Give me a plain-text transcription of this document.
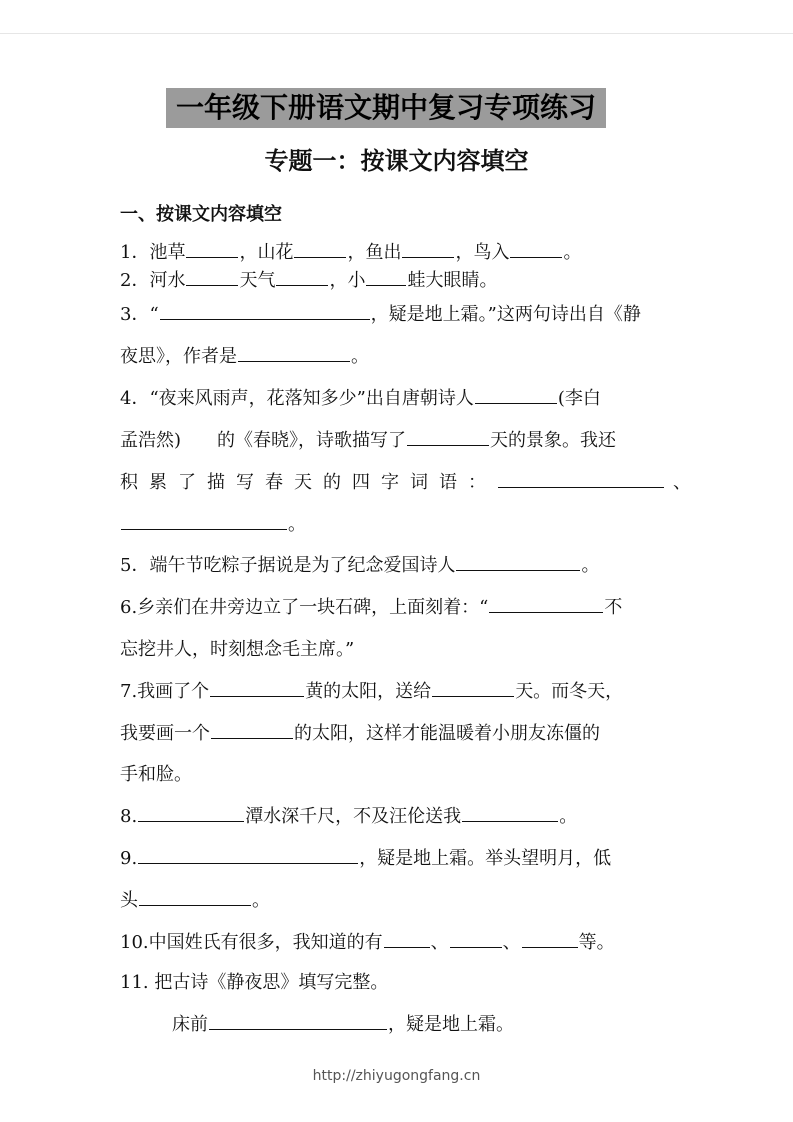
一年级下册语文期中复习专项练习
专题一：按课文内容填空
一、按课文内容填空
1．池草	，山花	，鱼出	，鸟入	。
2．河水	天气	，小 蛙大眼睛。
3．“	，疑是地上霜。”这两句诗出自《静
夜思》，作者是	。
4．“夜来风雨声，花落知多少”出自唐朝诗人	(李白
孟浩然)　　的《春晓》，诗歌描写了	天的景象。我还
积累了描写春天的四字词语：	、
。
5．端午节吃粽子据说是为了纪念爱国诗人	。
6.乡亲们在井旁边立了一块石碑，上面刻着：“	不
忘挖井人，时刻想念毛主席。”
7.我画了个	黄的太阳，送给	天。而冬天，
我要画一个	的太阳，这样才能温暖着小朋友冻僵的
手和脸。
8.	潭水深千尺，不及汪伦送我	。
9.	，疑是地上霜。举头望明月，低
头	。
10.中国姓氏有很多，我知道的有	、	、	等。
11. 把古诗《静夜思》填写完整。
床前	，疑是地上霜。
http://zhiyugongfang.cn
